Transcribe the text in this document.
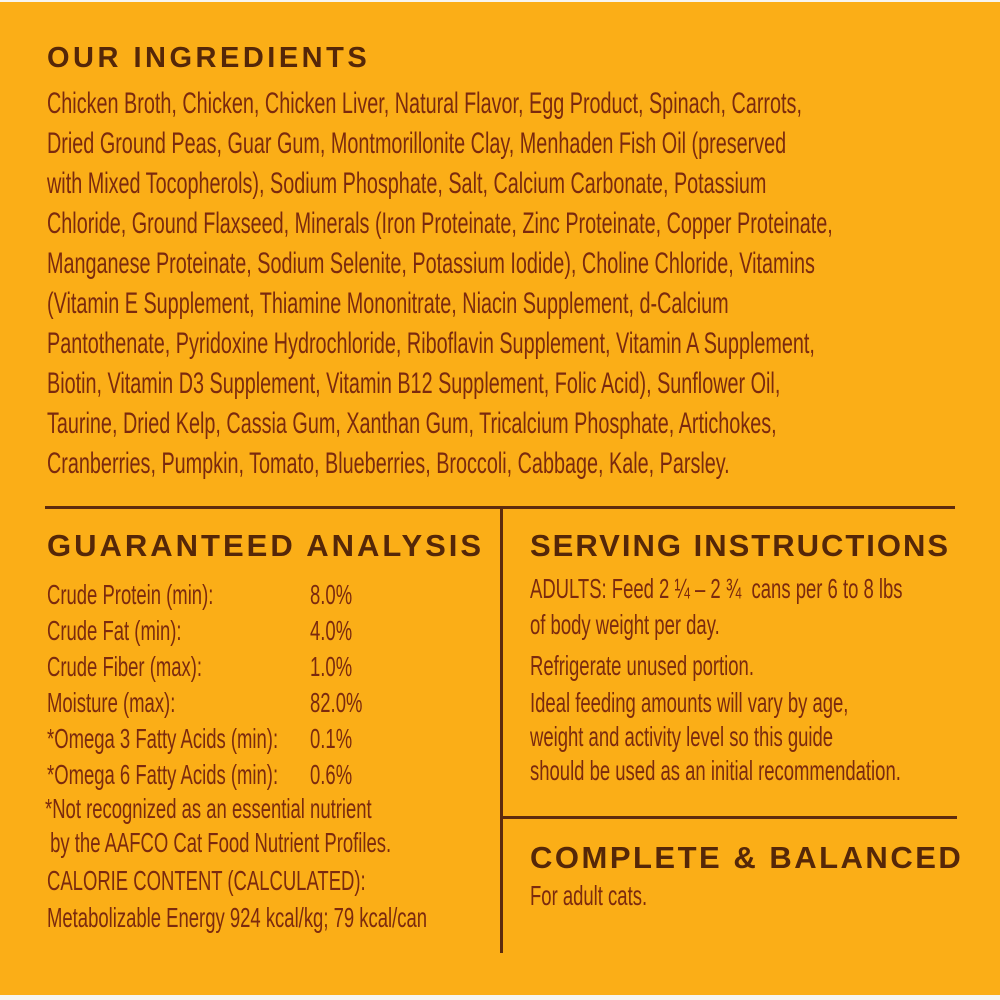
OUR INGREDIENTS
Chicken Broth, Chicken, Chicken Liver, Natural Flavor, Egg Product, Spinach, Carrots,
Dried Ground Peas, Guar Gum, Montmorillonite Clay, Menhaden Fish Oil (preserved
with Mixed Tocopherols), Sodium Phosphate, Salt, Calcium Carbonate, Potassium
Chloride, Ground Flaxseed, Minerals (Iron Proteinate, Zinc Proteinate, Copper Proteinate,
Manganese Proteinate, Sodium Selenite, Potassium Iodide), Choline Chloride, Vitamins
(Vitamin E Supplement, Thiamine Mononitrate, Niacin Supplement, d-Calcium
Pantothenate, Pyridoxine Hydrochloride, Riboflavin Supplement, Vitamin A Supplement,
Biotin, Vitamin D3 Supplement, Vitamin B12 Supplement, Folic Acid), Sunflower Oil,
Taurine, Dried Kelp, Cassia Gum, Xanthan Gum, Tricalcium Phosphate, Artichokes,
Cranberries, Pumpkin, Tomato, Blueberries, Broccoli, Cabbage, Kale, Parsley.
GUARANTEED ANALYSIS
Crude Protein (min):	8.0%
Crude Fat (min):	4.0%
Crude Fiber (max):	1.0%
Moisture (max):	82.0%
*Omega 3 Fatty Acids (min): 0.1%
*Omega 6 Fatty Acids (min): 0.6%
*Not recognized as an essential nutrient
by the AAFCO Cat Food Nutrient Profiles.
CALORIE CONTENT (CALCULATED):
Metabolizable Energy 924 kcal/kg; 79 kcal/can
SERVING INSTRUCTIONS
ADULTS: Feed 2 ¼ – 2 ¾  cans per 6 to 8 lbs
of body weight per day.
Refrigerate unused portion.
Ideal feeding amounts will vary by age,
weight and activity level so this guide
should be used as an initial recommendation.
COMPLETE & BALANCED
For adult cats.
